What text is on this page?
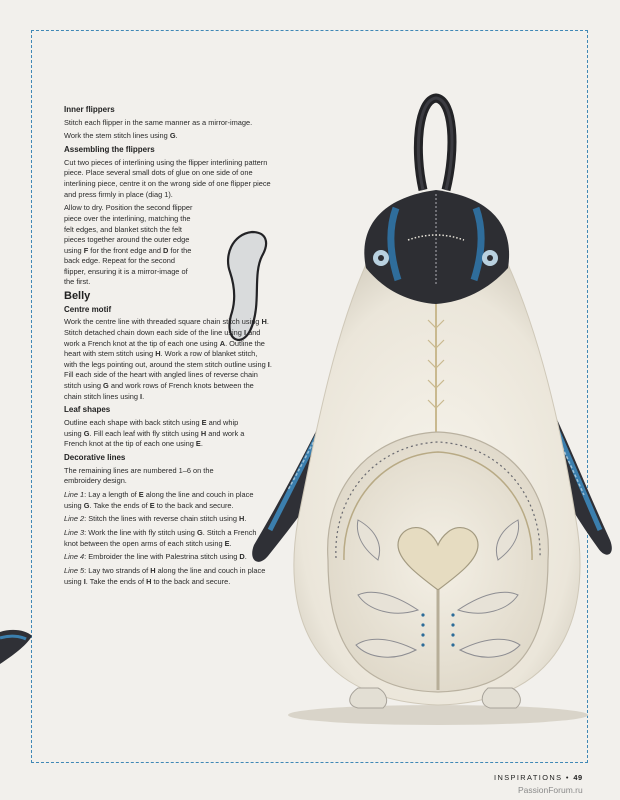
Inner flippers

Stitch each flipper in the same manner as a mirror-image.

Work the stem stitch lines using G.

Assembling the flippers

Cut two pieces of interlining using the flipper interlining pattern piece. Place several small dots of glue on one side of one interlining piece, centre it on the wrong side of one flipper piece and press firmly in place (diag 1).

Allow to dry. Position the second flipper piece over the interlining, matching the felt edges, and blanket stitch the felt pieces together around the outer edge using F for the front edge and D for the back edge. Repeat for the second flipper, ensuring it is a mirror-image of the first.

Belly
Centre motif

Work the centre line with threaded square chain stitch using H. Stitch detached chain down each side of the line using I and work a French knot at the tip of each one using A. Outline the heart with stem stitch using H. Work a row of blanket stitch, with the legs pointing out, around the stem stitch outline using I. Fill each side of the heart with angled lines of reverse chain stitch using G and work rows of French knots between the chain stitch lines using I.

Leaf shapes

Outline each shape with back stitch using E and whip using G. Fill each leaf with fly stitch using H and work a French knot at the tip of each one using E.

Decorative lines

The remaining lines are numbered 1–6 on the embroidery design.

Line 1: Lay a length of E along the line and couch in place using G. Take the ends of E to the back and secure.

Line 2: Stitch the lines with reverse chain stitch using H.

Line 3: Work the line with fly stitch using G. Stitch a French knot between the open arms of each stitch using E.

Line 4: Embroider the line with Palestrina stitch using D.

Line 5: Lay two strands of H along the line and couch in place using I. Take the ends of H to the back and secure.

INSPIRATIONS • 49
PassionForum.ru
